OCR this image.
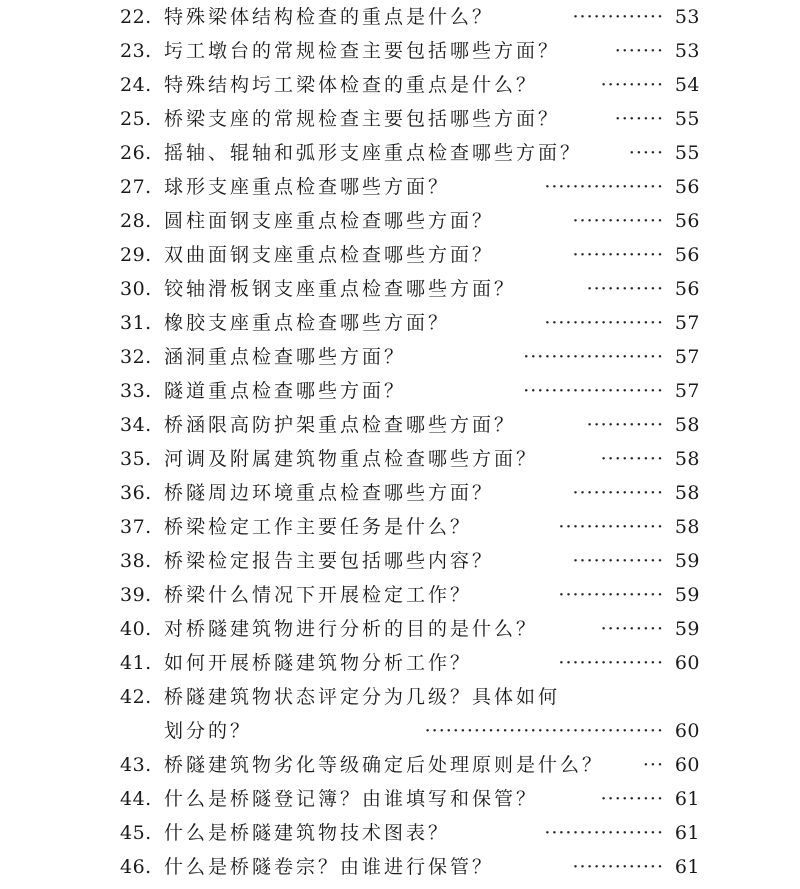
22. 特殊梁体结构检查的重点是什么？	············· 53
23. 圬工墩台的常规检查主要包括哪些方面？	······· 53
24. 特殊结构圬工梁体检查的重点是什么？	········· 54
25. 桥梁支座的常规检查主要包括哪些方面？	······· 55
26. 摇轴、辊轴和弧形支座重点检查哪些方面？	····· 55
27. 球形支座重点检查哪些方面？	················· 56
28. 圆柱面钢支座重点检查哪些方面？	············· 56
29. 双曲面钢支座重点检查哪些方面？	············· 56
30. 铰轴滑板钢支座重点检查哪些方面？	··········· 56
31. 橡胶支座重点检查哪些方面？	················· 57
32. 涵洞重点检查哪些方面？	···················· 57
33. 隧道重点检查哪些方面？	···················· 57
34. 桥涵限高防护架重点检查哪些方面？	··········· 58
35. 河调及附属建筑物重点检查哪些方面？	········· 58
36. 桥隧周边环境重点检查哪些方面？	············· 58
37. 桥梁检定工作主要任务是什么？	··············· 58
38. 桥梁检定报告主要包括哪些内容？	············· 59
39. 桥梁什么情况下开展检定工作？	··············· 59
40. 对桥隧建筑物进行分析的目的是什么？	········· 59
41. 如何开展桥隧建筑物分析工作？	··············· 60
42. 桥隧建筑物状态评定分为几级？具体如何
划分的？	·································· 60
43. 桥隧建筑物劣化等级确定后处理原则是什么？	··· 60
44. 什么是桥隧登记簿？由谁填写和保管？	········· 61
45. 什么是桥隧建筑物技术图表？	················· 61
46. 什么是桥隧卷宗？由谁进行保管？	············· 61
